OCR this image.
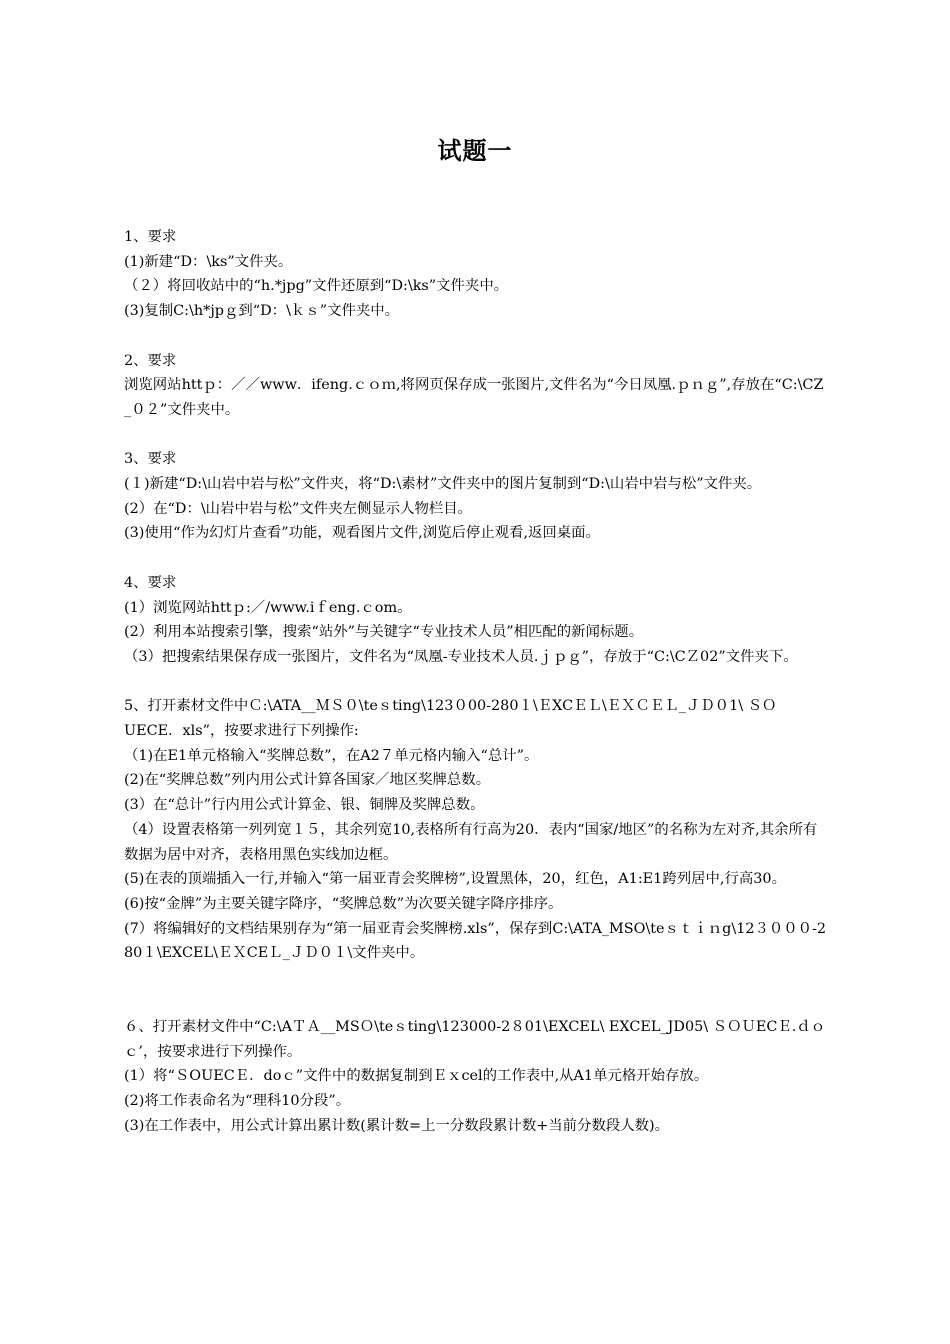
试题一

1、要求

(1)新建“D：\ks”文件夹。

（２）将回收站中的“h.*jpg”文件还原到“D:\ks”文件夹中。

(3)复制C:\h*jpｇ到“D：\ｋｓ”文件夹中。

2、要求

浏览网站httｐ：／／www．ifeng.ｃｏｍ,将网页保存成一张图片,文件名为“今日凤凰.ｐｎｇ”,存放在“C:\CZ_０２”文件夹中。

3、要求

(１)新建“D:\山岩中岩与松”文件夹，将“D:\素材”文件夹中的图片复制到“D:\山岩中岩与松”文件夹。

(2）在“D：\山岩中岩与松”文件夹左侧显示人物栏目。

(3)使用“作为幻灯片查看”功能，观看图片文件,浏览后停止观看,返回桌面。

4、要求

(1）浏览网站httｐ:／/www.iｆeng.ｃom。

(2）利用本站搜索引擎，搜索“站外”与关键字“专业技术人员”相匹配的新闻标题。

（3）把搜索结果保存成一张图片，文件名为“凤凰-专业技术人员.ｊｐｇ”，存放于“C:\CＺ02”文件夹下。

5、打开素材文件中Ｃ:\ATA__ＭＳ０\teｓting\123０00-280１\ＥXCＥＬ\ＥＸＣＥＬ_ＪＤ０1\ ＳＯUECE．xls”，按要求进行下列操作:

（1)在E1单元格输入“奖牌总数”，在A2７单元格内输入“总计”。

(2)在“奖牌总数”列内用公式计算各国家／地区奖牌总数。

(3）在“总计”行内用公式计算金、银、铜牌及奖牌总数。

（4）设置表格第一列列宽１５，其余列宽10,表格所有行高为20．表内“国家/地区”的名称为左对齐,其余所有数据为居中对齐，表格用黑色实线加边框。

(5)在表的顶端插入一行,并输入“第一届亚青会奖牌榜”,设置黑体，20，红色，A1:E1跨列居中,行高30。

(6)按“金牌”为主要关键字降序，“奖牌总数”为次要关键字降序排序。

(7）将编辑好的文档结果别存为“第一届亚青会奖牌榜.xls”，保存到C:\ATA_MSO\teｓｔｉｎg\12３０００-280１\EXCEL\ＥＸCEＬ_ＪＤ０１\文件夹中。

６、打开素材文件中“C:\AＴＡ__MSＯ\teｓting\123000-2８01\EXCEL\ EXCEL_JD05\ ＳＯＵECＥ.ｄｏｃ’，按要求进行下列操作。

(1）将“ＳOUECＥ．doｃ”文件中的数据复制到Ｅｘcel的工作表中,从A1单元格开始存放。

(2)将工作表命名为“理科10分段”。

(3)在工作表中，用公式计算出累计数(累计数=上一分数段累计数+当前分数段人数)。
